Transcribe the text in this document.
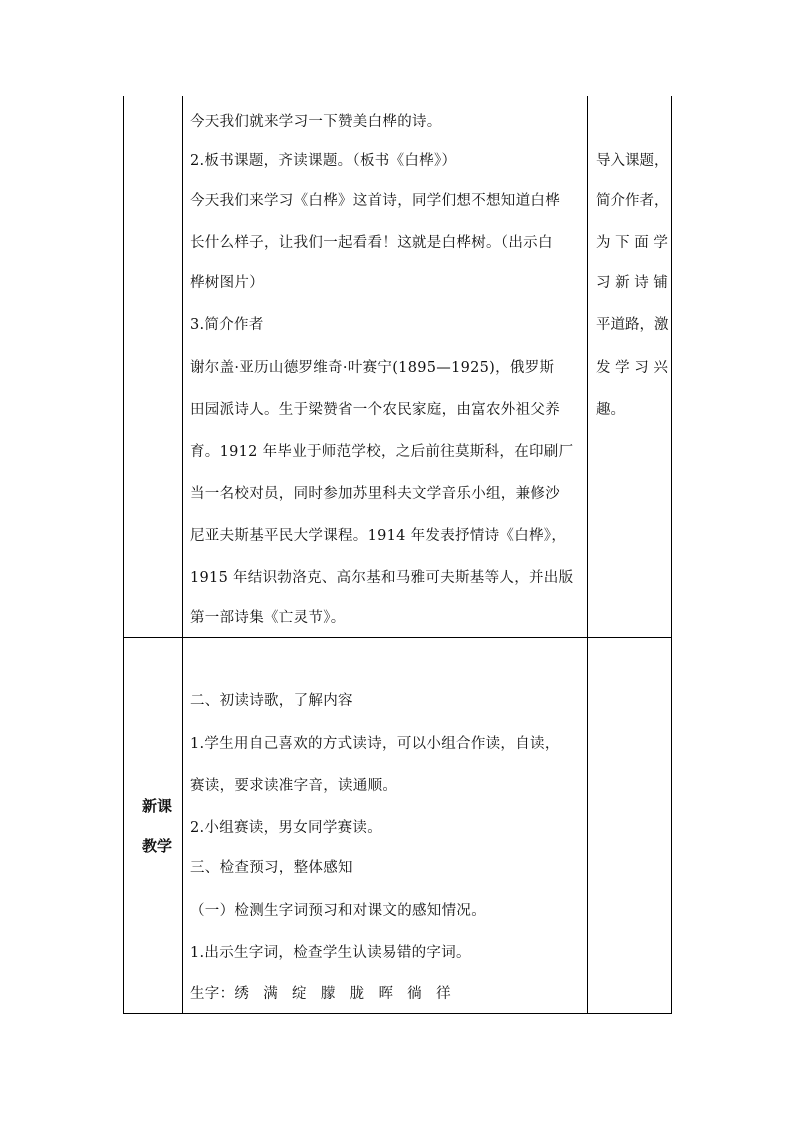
今天我们就来学习一下赞美白桦的诗。
2.板书课题，齐读课题。（板书《白桦》）
今天我们来学习《白桦》这首诗，同学们想不想知道白桦
长什么样子，让我们一起看看！这就是白桦树。（出示白
桦树图片）
3.简介作者
谢尔盖·亚历山德罗维奇·叶赛宁(1895—1925)，俄罗斯
田园派诗人。生于梁赞省一个农民家庭，由富农外祖父养
育。1912 年毕业于师范学校，之后前往莫斯科，在印刷厂
当一名校对员，同时参加苏里科夫文学音乐小组，兼修沙
尼亚夫斯基平民大学课程。1914 年发表抒情诗《白桦》，
1915 年结识勃洛克、高尔基和马雅可夫斯基等人，并出版
第一部诗集《亡灵节》。
导入课题，
简介作者，
为 下 面 学
习 新 诗 铺
平道路，激
发 学 习 兴
趣。
新课
教学
二、初读诗歌，了解内容
1.学生用自己喜欢的方式读诗，可以小组合作读，自读，
赛读，要求读准字音，读通顺。
2.小组赛读，男女同学赛读。
三、检查预习，整体感知
（一）检测生字词预习和对课文的感知情况。
1.出示生字词，检查学生认读易错的字词。
生字：绣 满 绽 朦 胧 晖 徜 徉
